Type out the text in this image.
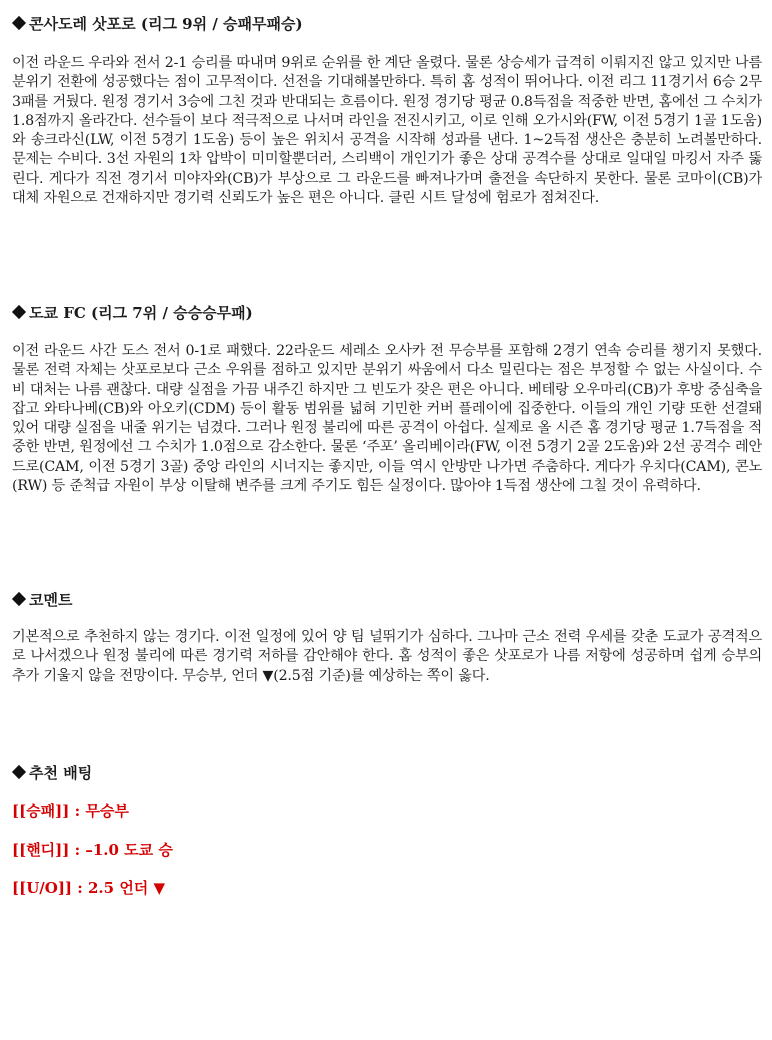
콘사도레 삿포로 (리그 9위 / 승패무패승)
이전 라운드 우라와 전서 2-1 승리를 따내며 9위로 순위를 한 계단 올렸다. 물론 상승세가 급격히 이뤄지진 않고 있지만 나름 분위기 전환에 성공했다는 점이 고무적이다. 선전을 기대해볼만하다. 특히 홈 성적이 뛰어나다. 이전 리그 11경기서 6승 2무 3패를 거뒀다. 원정 경기서 3승에 그친 것과 반대되는 흐름이다. 원정 경기당 평균 0.8득점을 적중한 반면, 홈에선 그 수치가 1.8점까지 올라간다. 선수들이 보다 적극적으로 나서며 라인을 전진시키고, 이로 인해 오가시와(FW, 이전 5경기 1골 1도움)와 송크라신(LW, 이전 5경기 1도움) 등이 높은 위치서 공격을 시작해 성과를 낸다. 1~2득점 생산은 충분히 노려볼만하다. 문제는 수비다. 3선 자원의 1차 압박이 미미할뿐더러, 스리백이 개인기가 좋은 상대 공격수를 상대로 일대일 마킹서 자주 뚫린다. 게다가 직전 경기서 미야자와(CB)가 부상으로 그 라운드를 빠져나가며 출전을 속단하지 못한다. 물론 코마이(CB)가 대체 자원으로 건재하지만 경기력 신뢰도가 높은 편은 아니다. 클린 시트 달성에 험로가 점쳐진다.
도쿄 FC (리그 7위 / 승승승무패)
이전 라운드 사간 도스 전서 0-1로 패했다. 22라운드 세레소 오사카 전 무승부를 포함해 2경기 연속 승리를 챙기지 못했다. 물론 전력 자체는 삿포로보다 근소 우위를 점하고 있지만 분위기 싸움에서 다소 밀린다는 점은 부정할 수 없는 사실이다. 수비 대처는 나름 괜찮다. 대량 실점을 가끔 내주긴 하지만 그 빈도가 잦은 편은 아니다. 베테랑 오우마리(CB)가 후방 중심축을 잡고 와타나베(CB)와 아오키(CDM) 등이 활동 범위를 넓혀 기민한 커버 플레이에 집중한다. 이들의 개인 기량 또한 선결돼 있어 대량 실점을 내줄 위기는 넘겼다. 그러나 원정 불리에 따른 공격이 아쉽다. 실제로 올 시즌 홈 경기당 평균 1.7득점을 적중한 반면, 원정에선 그 수치가 1.0점으로 감소한다. 물론 ‘주포’ 올리베이라(FW, 이전 5경기 2골 2도움)와 2선 공격수 레안드로(CAM, 이전 5경기 3골) 중앙 라인의 시너지는 좋지만, 이들 역시 안방만 나가면 주춤하다. 게다가 우치다(CAM), 콘노(RW) 등 준척급 자원이 부상 이탈해 변주를 크게 주기도 힘든 실정이다. 많아야 1득점 생산에 그칠 것이 유력하다.
코멘트
기본적으로 추천하지 않는 경기다. 이전 일정에 있어 양 팀 널뛰기가 심하다. 그나마 근소 전력 우세를 갖춘 도쿄가 공격적으로 나서겠으나 원정 불리에 따른 경기력 저하를 감안해야 한다. 홈 성적이 좋은 삿포로가 나름 저항에 성공하며 쉽게 승부의 추가 기울지 않을 전망이다. 무승부, 언더 ▼(2.5점 기준)를 예상하는 쪽이 옳다.
추천 배팅
[[승패]] : 무승부
[[핸디]] : –1.0 도쿄 승
[[U/O]] : 2.5 언더 ▼
